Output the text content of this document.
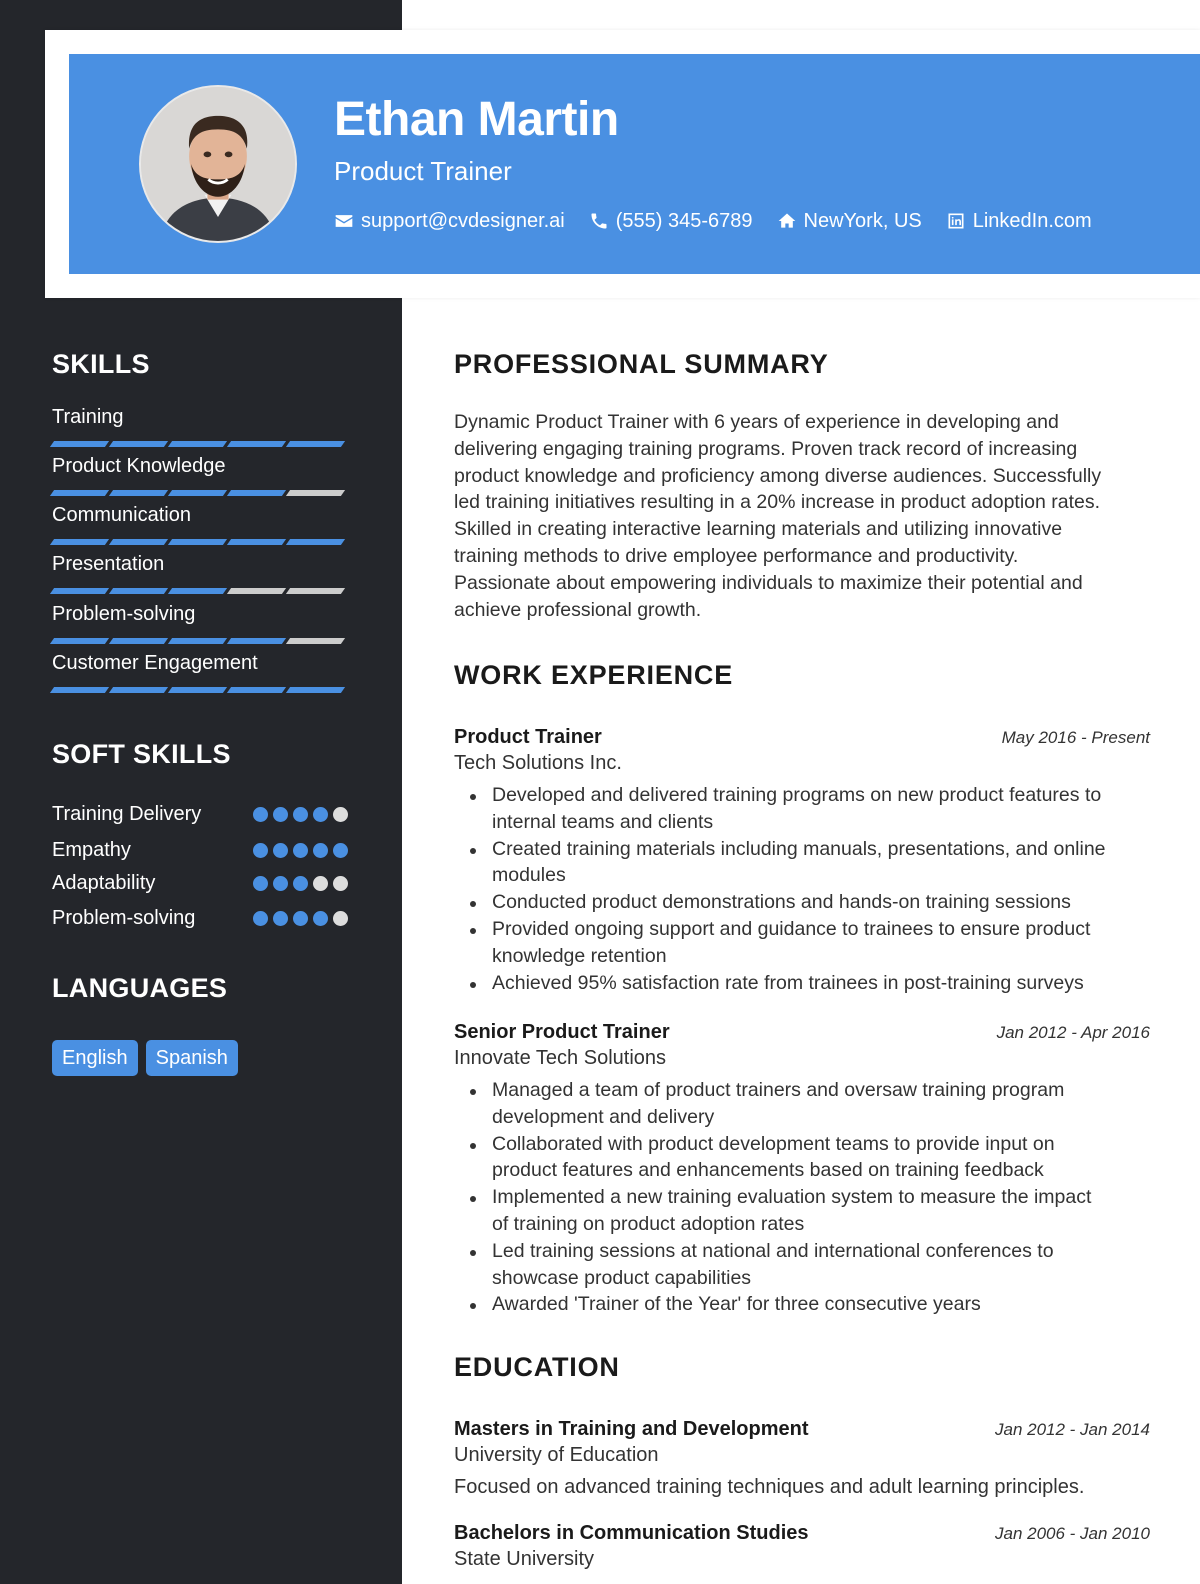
Ethan Martin
Product Trainer
support@cvdesigner.ai	(555) 345-6789	NewYork, US	LinkedIn.com
SKILLS
Training
Product Knowledge
Communication
Presentation
Problem-solving
Customer Engagement
SOFT SKILLS
Training Delivery
Empathy
Adaptability
Problem-solving
LANGUAGES
English	Spanish
PROFESSIONAL SUMMARY
Dynamic Product Trainer with 6 years of experience in developing and
delivering engaging training programs. Proven track record of increasing
product knowledge and proficiency among diverse audiences. Successfully
led training initiatives resulting in a 20% increase in product adoption rates.
Skilled in creating interactive learning materials and utilizing innovative
training methods to drive employee performance and productivity.
Passionate about empowering individuals to maximize their potential and
achieve professional growth.
WORK EXPERIENCE
Product Trainer	May 2016 - Present
Tech Solutions Inc.
Developed and delivered training programs on new product features to
internal teams and clients
Created training materials including manuals, presentations, and online
modules
Conducted product demonstrations and hands-on training sessions
Provided ongoing support and guidance to trainees to ensure product
knowledge retention
Achieved 95% satisfaction rate from trainees in post-training surveys
Senior Product Trainer	Jan 2012 - Apr 2016
Innovate Tech Solutions
Managed a team of product trainers and oversaw training program
development and delivery
Collaborated with product development teams to provide input on
product features and enhancements based on training feedback
Implemented a new training evaluation system to measure the impact
of training on product adoption rates
Led training sessions at national and international conferences to
showcase product capabilities
Awarded 'Trainer of the Year' for three consecutive years
EDUCATION
Masters in Training and Development	Jan 2012 - Jan 2014
University of Education
Focused on advanced training techniques and adult learning principles.
Bachelors in Communication Studies	Jan 2006 - Jan 2010
State University
